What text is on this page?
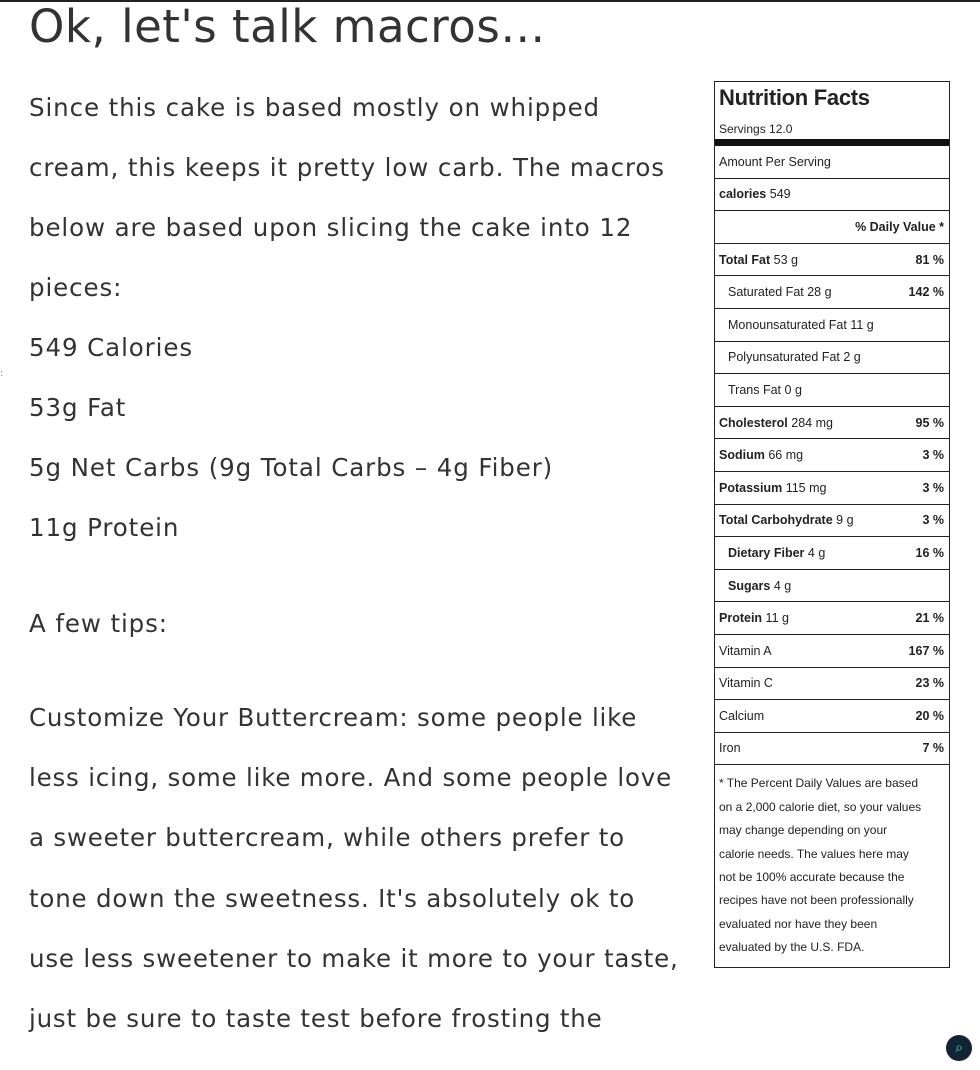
:
Ok, let's talk macros…

Since this cake is based mostly on whipped

cream, this keeps it pretty low carb. The macros

below are based upon slicing the cake into 12

pieces:

549 Calories

53g Fat

5g Net Carbs (9g Total Carbs – 4g Fiber)

11g Protein

A few tips:

Customize Your Buttercream: some people like

less icing, some like more. And some people love

a sweeter buttercream, while others prefer to

tone down the sweetness. It's absolutely ok to

use less sweetener to make it more to your taste,

just be sure to taste test before frosting the

Nutrition Facts
Servings 12.0
Amount Per Serving
calories 549
% Daily Value *
Total Fat 53 g	81 %
Saturated Fat 28 g	142 %
Monounsaturated Fat 11 g
Polyunsaturated Fat 2 g
Trans Fat 0 g
Cholesterol 284 mg	95 %
Sodium 66 mg	3 %
Potassium 115 mg	3 %
Total Carbohydrate 9 g	3 %
Dietary Fiber 4 g	16 %
Sugars 4 g
Protein 11 g	21 %
Vitamin A	167 %
Vitamin C	23 %
Calcium	20 %
Iron	7 %
* The Percent Daily Values are based
on a 2,000 calorie diet, so your values
may change depending on your
calorie needs. The values here may
not be 100% accurate because the
recipes have not been professionally
evaluated nor have they been
evaluated by the U.S. FDA.
⌕
